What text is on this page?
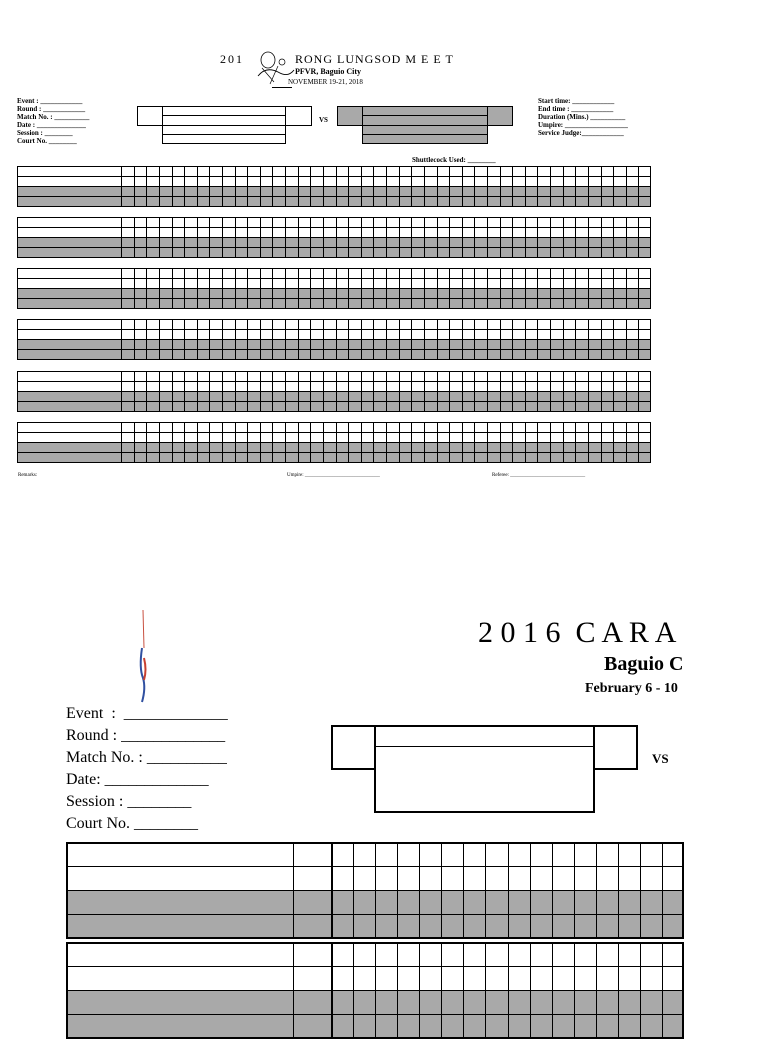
201	RONG LUNGSOD M E E T
PFVR, Baguio City
NOVEMBER 19-21, 2018
Event : ____________
Round : ____________
Match No. : __________
Date : ______________
Session : ________
Court No. ________
VS
Start time: ____________
End time : ____________
Duration (Mins.) __________
Umpire: __________________
Service Judge:____________
Shuttlecock Used: ________
Remarks:	Umpire: ______________________________	Referee: ______________________________
2 0 1 6  C A R A
Baguio C
February 6 - 10
Event  :  _____________
Round : _____________
Match No. : __________
Date: _____________
Session : ________
Court No. ________
VS
